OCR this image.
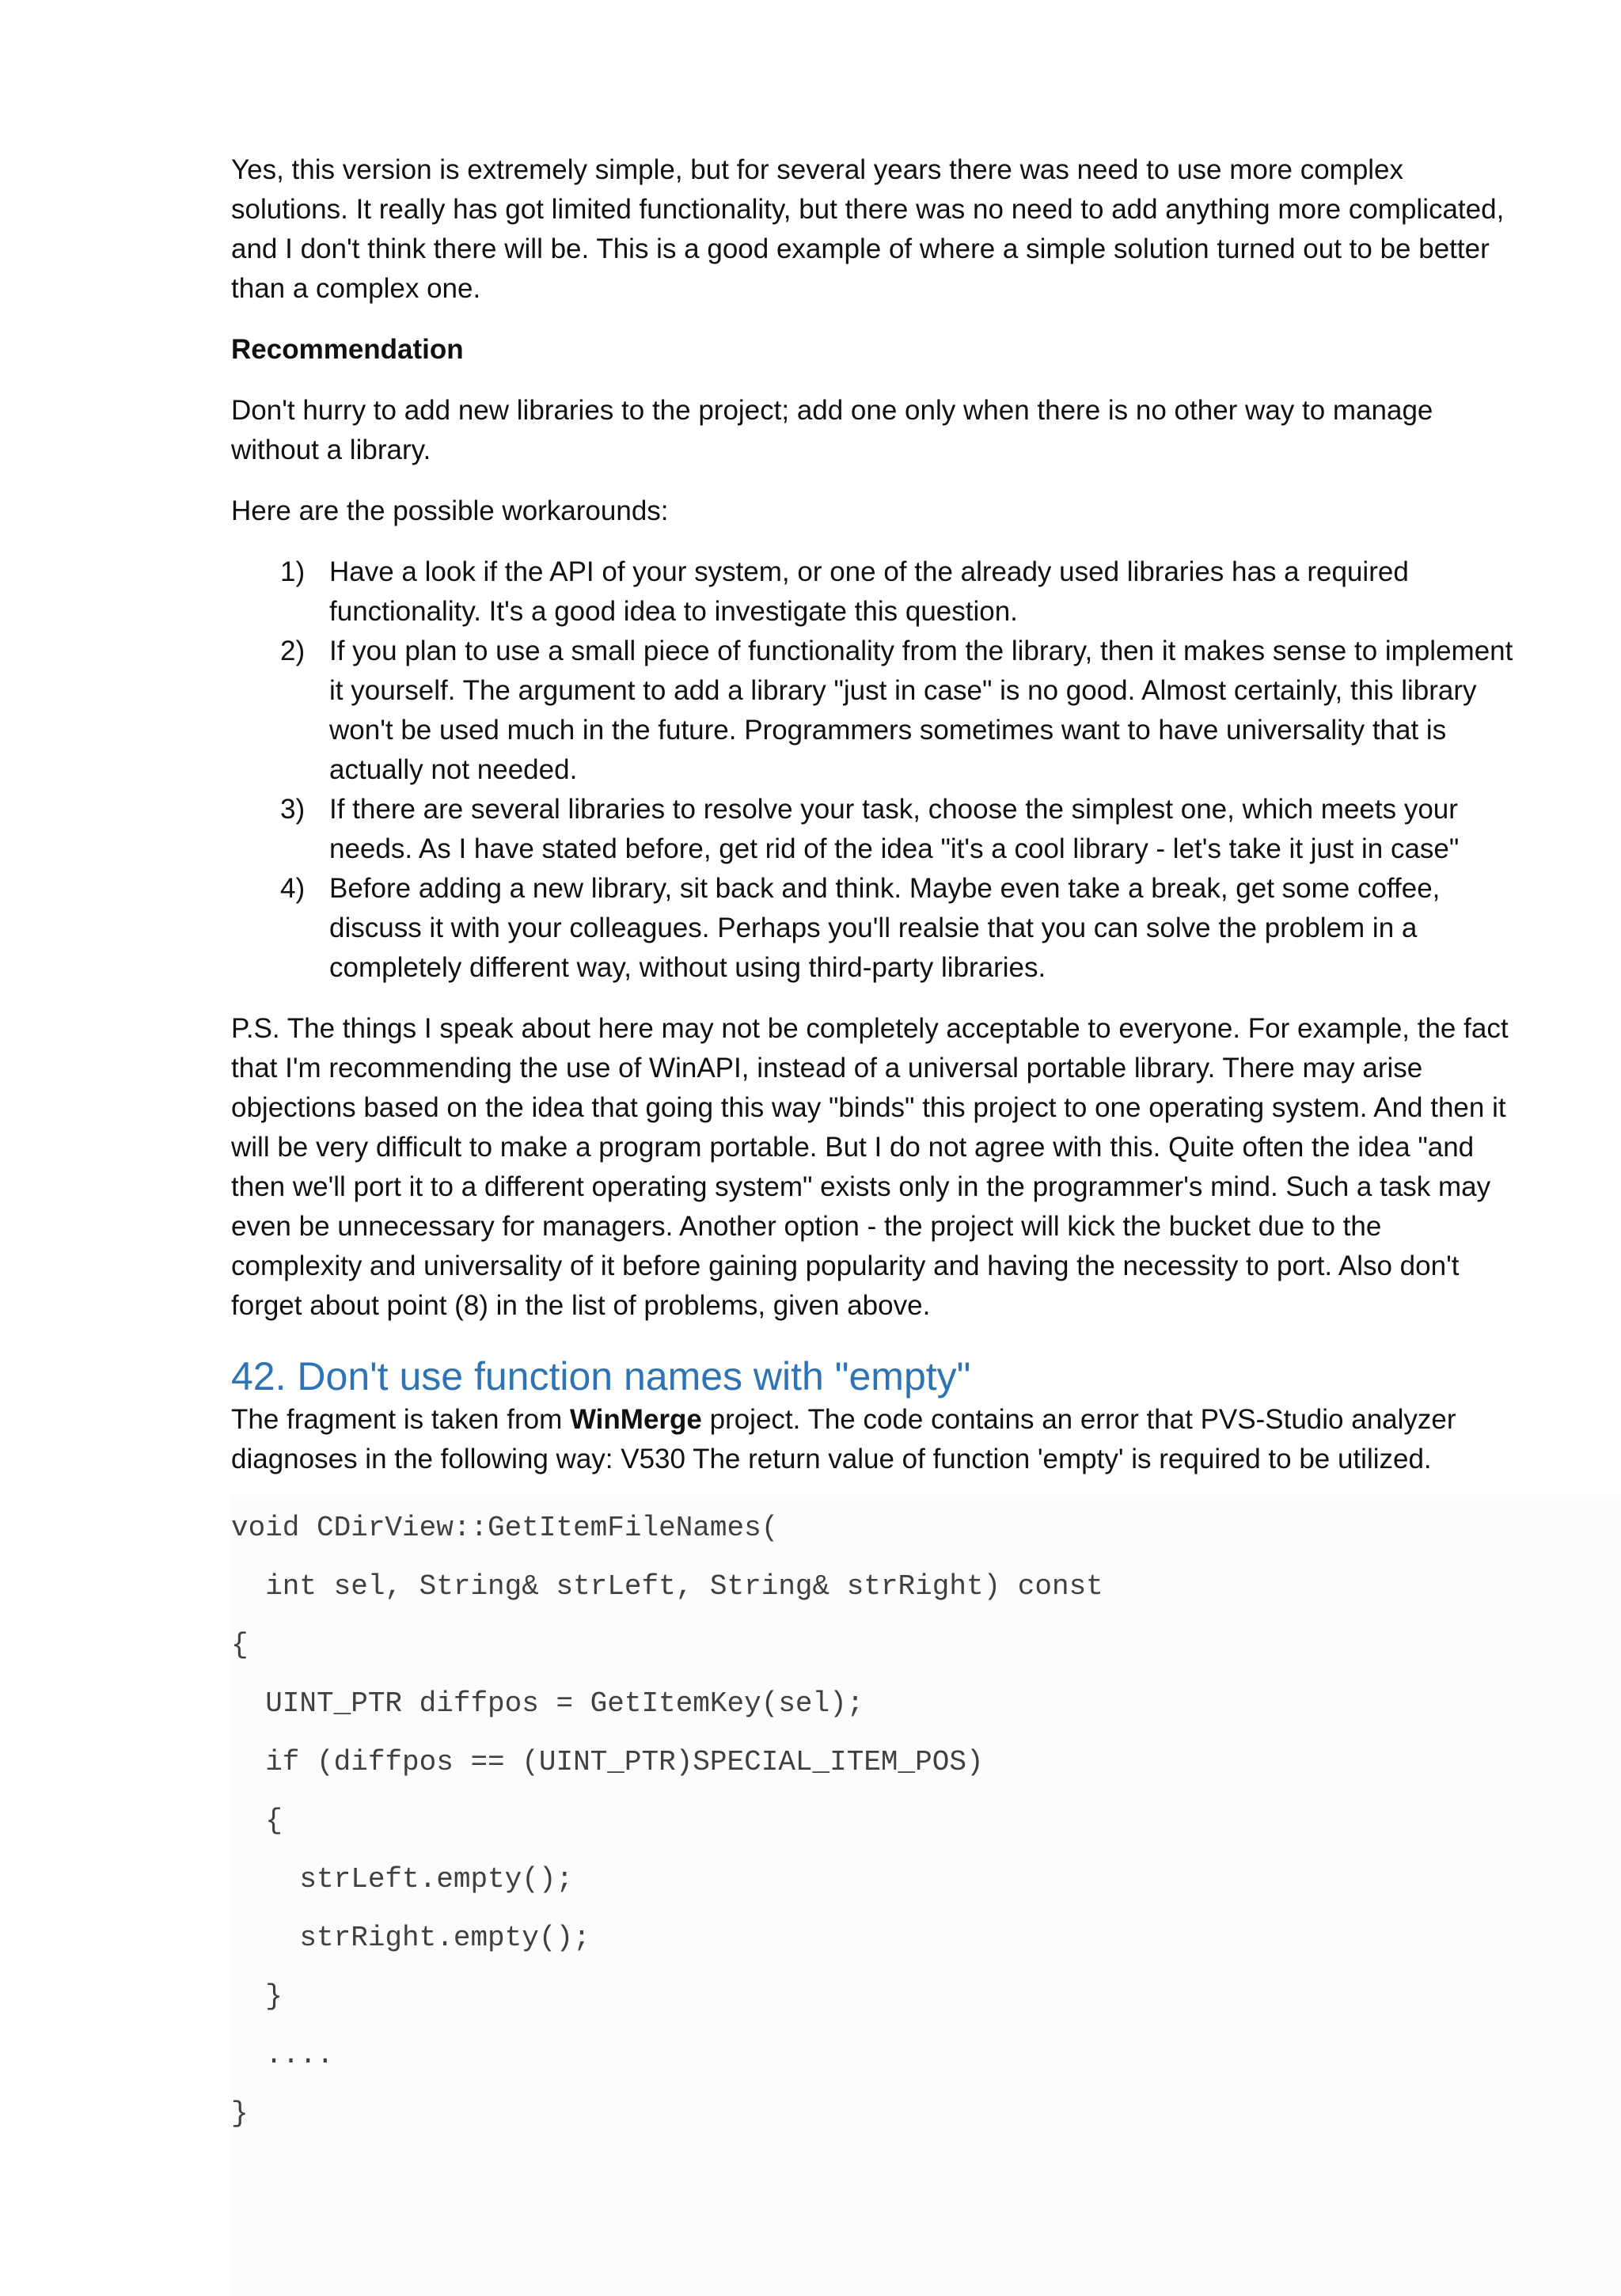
Yes, this version is extremely simple, but for several years there was need to use more complex solutions. It really has got limited functionality, but there was no need to add anything more complicated, and I don't think there will be. This is a good example of where a simple solution turned out to be better than a complex one.

Recommendation

Don't hurry to add new libraries to the project; add one only when there is no other way to manage without a library.

Here are the possible workarounds:

1) Have a look if the API of your system, or one of the already used libraries has a required functionality. It's a good idea to investigate this question.
2) If you plan to use a small piece of functionality from the library, then it makes sense to implement it yourself. The argument to add a library "just in case" is no good. Almost certainly, this library won't be used much in the future. Programmers sometimes want to have universality that is actually not needed.
3) If there are several libraries to resolve your task, choose the simplest one, which meets your needs. As I have stated before, get rid of the idea "it's a cool library - let's take it just in case"
4) Before adding a new library, sit back and think. Maybe even take a break, get some coffee, discuss it with your colleagues. Perhaps you'll realsie that you can solve the problem in a completely different way, without using third-party libraries.

P.S. The things I speak about here may not be completely acceptable to everyone. For example, the fact that I'm recommending the use of WinAPI, instead of a universal portable library. There may arise objections based on the idea that going this way "binds" this project to one operating system. And then it will be very difficult to make a program portable. But I do not agree with this. Quite often the idea "and then we'll port it to a different operating system" exists only in the programmer's mind. Such a task may even be unnecessary for managers. Another option - the project will kick the bucket due to the complexity and universality of it before gaining popularity and having the necessity to port. Also don't forget about point (8) in the list of problems, given above.

42. Don't use function names with "empty"

The fragment is taken from WinMerge project. The code contains an error that PVS-Studio analyzer diagnoses in the following way: V530 The return value of function 'empty' is required to be utilized.

void CDirView::GetItemFileNames(
int sel, String& strLeft, String& strRight) const
{
UINT_PTR diffpos = GetItemKey(sel);
if (diffpos == (UINT_PTR)SPECIAL_ITEM_POS)
{
strLeft.empty();
strRight.empty();
}
....
}
